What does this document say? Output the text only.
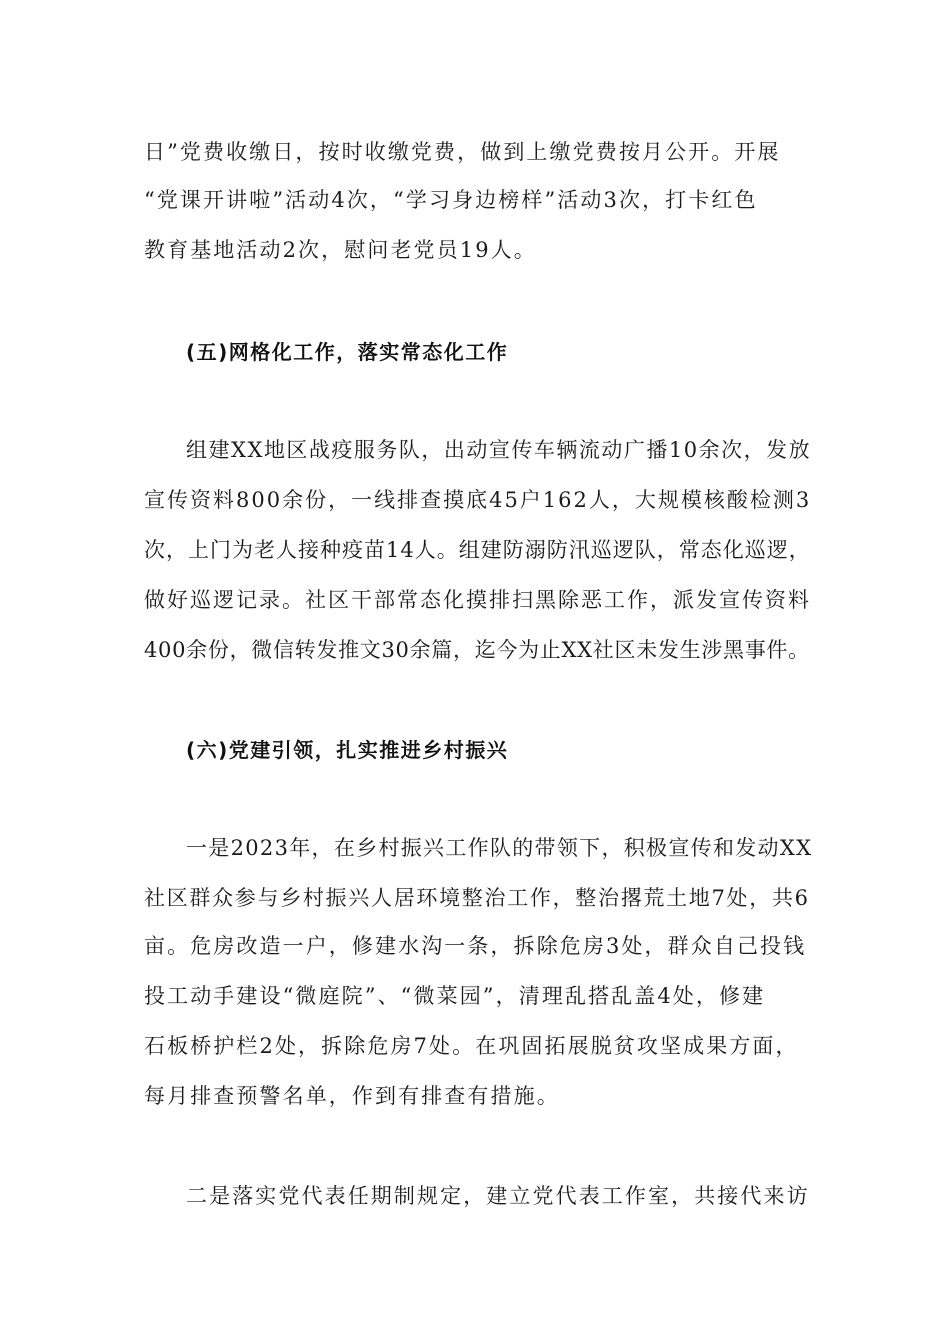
日”党费收缴日，按时收缴党费，做到上缴党费按月公开。开展

“党课开讲啦”活动4次，“学习身边榜样”活动3次，打卡红色

教育基地活动2次，慰问老党员19人。

(五)网格化工作，落实常态化工作

组建XX地区战疫服务队，出动宣传车辆流动广播10余次，发放

宣传资料800余份，一线排查摸底45户162人，大规模核酸检测3

次，上门为老人接种疫苗14人。组建防溺防汛巡逻队，常态化巡逻，

做好巡逻记录。社区干部常态化摸排扫黑除恶工作，派发宣传资料

400余份，微信转发推文30余篇，迄今为止XX社区未发生涉黑事件。

(六)党建引领，扎实推进乡村振兴

一是2023年，在乡村振兴工作队的带领下，积极宣传和发动XX

社区群众参与乡村振兴人居环境整治工作，整治撂荒土地7处，共6

亩。危房改造一户，修建水沟一条，拆除危房3处，群众自己投钱

投工动手建设“微庭院”、“微菜园”，清理乱搭乱盖4处，修建

石板桥护栏2处，拆除危房7处。在巩固拓展脱贫攻坚成果方面，

每月排查预警名单，作到有排查有措施。

二是落实党代表任期制规定，建立党代表工作室，共接代来访
